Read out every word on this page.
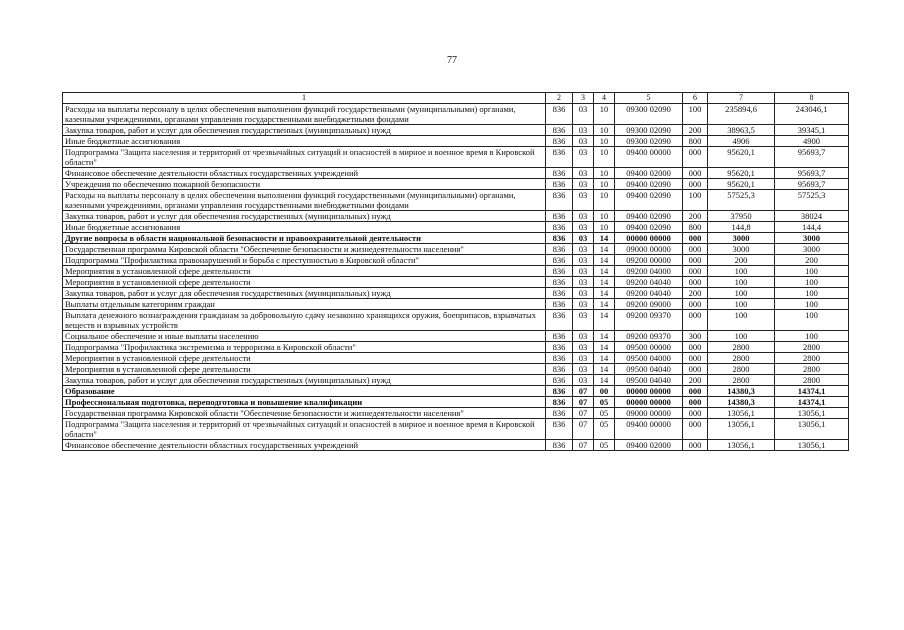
77
1	2	3	4	5	6	7	8
Расходы на выплаты персоналу в целях обеспечения выполнения функций государственными (муниципальными) органами, казенными учреждениями, органами управления государственными внебюджетными фондами	836	03	10	09300 02090	100	235894,6	243046,1
Закупка товаров, работ и услуг для обеспечения государственных (муниципальных) нужд	836	03	10	09300 02090	200	38963,5	39345,1
Иные бюджетные ассигнования	836	03	10	09300 02090	800	4906	4900
Подпрограмма "Защита населения и территорий от чрезвычайных ситуаций и опасностей в мирное и военное время в Кировской области"	836	03	10	09400 00000	000	95620,1	95693,7
Финансовое обеспечение деятельности областных государственных учреждений	836	03	10	09400 02000	000	95620,1	95693,7
Учреждения по обеспечению пожарной безопасности	836	03	10	09400 02090	000	95620,1	95693,7
Расходы на выплаты персоналу в целях обеспечения выполнения функций государственными (муниципальными) органами, казенными учреждениями, органами управления государственными внебюджетными фондами	836	03	10	09400 02090	100	57525,3	57525,3
Закупка товаров, работ и услуг для обеспечения государственных (муниципальных) нужд	836	03	10	09400 02090	200	37950	38024
Иные бюджетные ассигнования	836	03	10	09400 02090	800	144,8	144,4
Другие вопросы в области национальной безопасности и правоохранительной деятельности	836	03	14	00000 00000	000	3000	3000
Государственная программа Кировской области "Обеспечение безопасности и жизнедеятельности населения"	836	03	14	09000 00000	000	3000	3000
Подпрограмма "Профилактика правонарушений и борьба с преступностью в Кировской области"	836	03	14	09200 00000	000	200	200
Мероприятия в установленной сфере деятельности	836	03	14	09200 04000	000	100	100
Мероприятия в установленной сфере деятельности	836	03	14	09200 04040	000	100	100
Закупка товаров, работ и услуг для обеспечения государственных (муниципальных) нужд	836	03	14	09200 04040	200	100	100
Выплаты отдельным категориям граждан	836	03	14	09200 09000	000	100	100
Выплата денежного вознаграждения гражданам за добровольную сдачу незаконно хранящихся оружия, боеприпасов, взрывчатых веществ и взрывных устройств	836	03	14	09200 09370	000	100	100
Социальное обеспечение и иные выплаты населению	836	03	14	09200 09370	300	100	100
Подпрограмма "Профилактика экстремизма и терроризма в Кировской области"	836	03	14	09500 00000	000	2800	2800
Мероприятия в установленной сфере деятельности	836	03	14	09500 04000	000	2800	2800
Мероприятия в установленной сфере деятельности	836	03	14	09500 04040	000	2800	2800
Закупка товаров, работ и услуг для обеспечения государственных (муниципальных) нужд	836	03	14	09500 04040	200	2800	2800
Образование	836	07	00	00000 00000	000	14380,3	14374,1
Профессиональная подготовка, переподготовка и повышение квалификации	836	07	05	00000 00000	000	14380,3	14374,1
Государственная программа Кировской области "Обеспечение безопасности и жизнедеятельности населения"	836	07	05	09000 00000	000	13056,1	13056,1
Подпрограмма "Защита населения и территорий от чрезвычайных ситуаций и опасностей в мирное и военное время в Кировской области"	836	07	05	09400 00000	000	13056,1	13056,1
Финансовое обеспечение деятельности областных государственных учреждений	836	07	05	09400 02000	000	13056,1	13056,1
